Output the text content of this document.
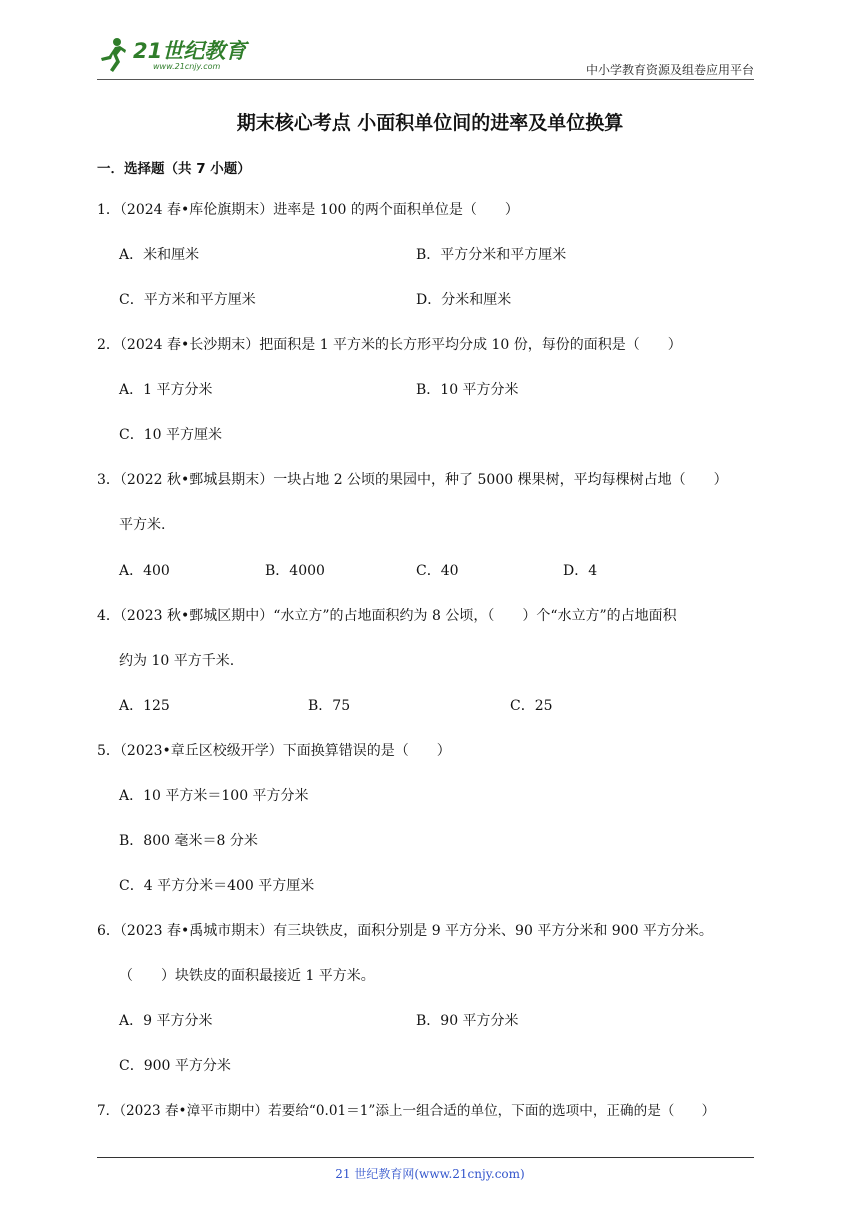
21世纪教育
www.21cnjy.com	中小学教育资源及组卷应用平台
期末核心考点 小面积单位间的进率及单位换算
一．选择题（共 7 小题）
1．（2024 春•库伦旗期末）进率是 100 的两个面积单位是（　　）
A．米和厘米	B．平方分米和平方厘米
C．平方米和平方厘米	D．分米和厘米
2．（2024 春•长沙期末）把面积是 1 平方米的长方形平均分成 10 份，每份的面积是（　　）
A．1 平方分米	B．10 平方分米
C．10 平方厘米
3．（2022 秋•鄄城县期末）一块占地 2 公顷的果园中，种了 5000 棵果树，平均每棵树占地（　　）
平方米.
A．400	B．4000	C．40	D．4
4．（2023 秋•鄄城区期中）“水立方”的占地面积约为 8 公顷，（　　）个“水立方”的占地面积
约为 10 平方千米.
A．125	B．75	C．25
5．（2023•章丘区校级开学）下面换算错误的是（　　）
A．10 平方米＝100 平方分米
B．800 毫米＝8 分米
C．4 平方分米＝400 平方厘米
6．（2023 春•禹城市期末）有三块铁皮，面积分别是 9 平方分米、90 平方分米和 900 平方分米。
（　　）块铁皮的面积最接近 1 平方米。
A．9 平方分米	B．90 平方分米
C．900 平方分米
7．（2023 春•漳平市期中）若要给“0.01＝1”添上一组合适的单位，下面的选项中，正确的是（　　）
21 世纪教育网(www.21cnjy.com)
